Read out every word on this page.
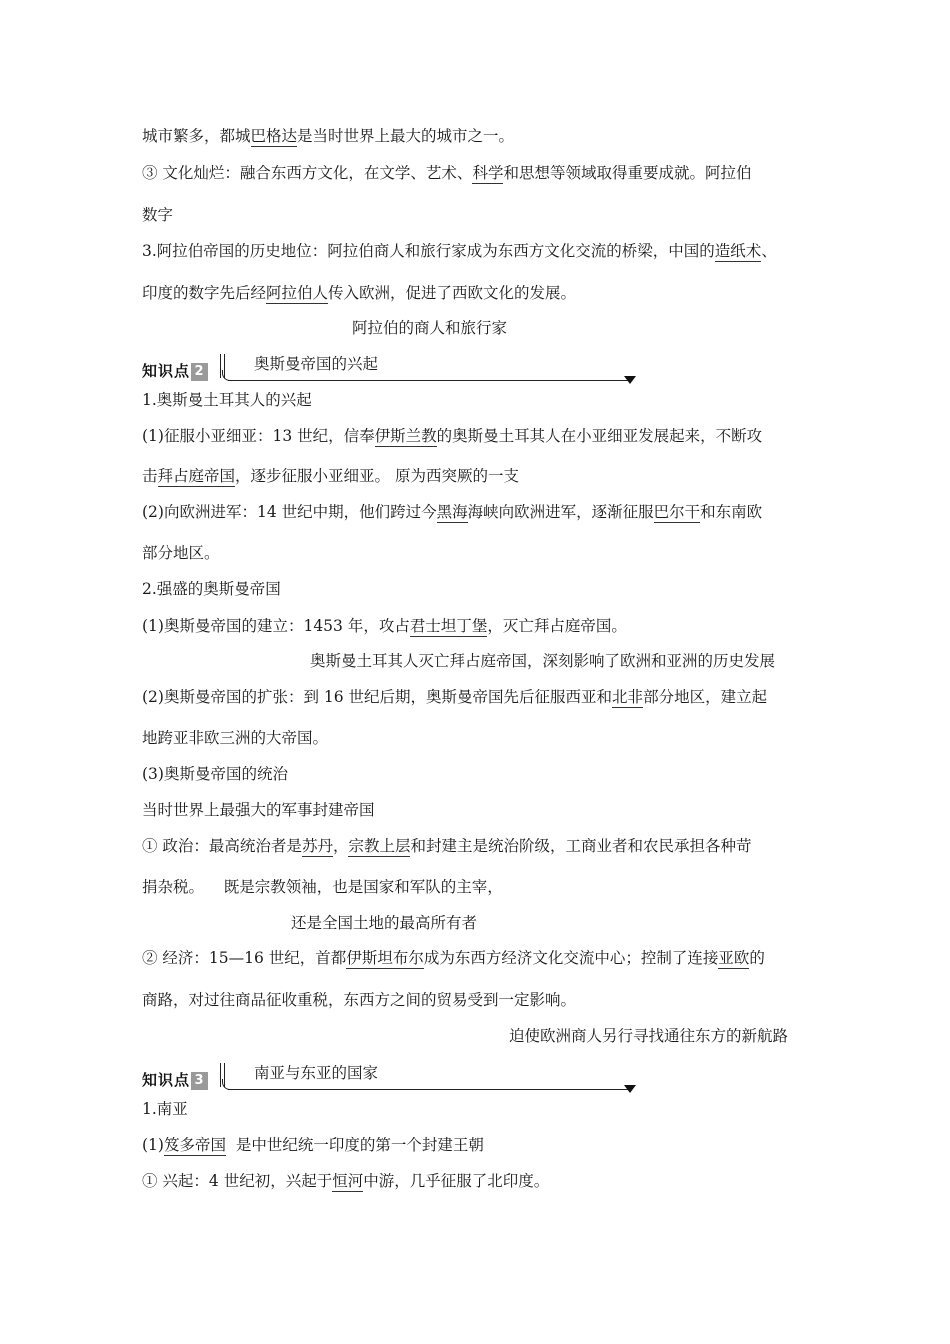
城市繁多，都城巴格达是当时世界上最大的城市之一。
③ 文化灿烂：融合东西方文化，在文学、艺术、科学和思想等领域取得重要成就。阿拉伯
数字
3.阿拉伯帝国的历史地位：阿拉伯商人和旅行家成为东西方文化交流的桥梁，中国的造纸术、
印度的数字先后经阿拉伯人传入欧洲，促进了西欧文化的发展。
阿拉伯的商人和旅行家
知识点 2	奥斯曼帝国的兴起
1.奥斯曼土耳其人的兴起
(1)征服小亚细亚：13 世纪，信奉伊斯兰教的奥斯曼土耳其人在小亚细亚发展起来，不断攻
击拜占庭帝国，逐步征服小亚细亚。 原为西突厥的一支
(2)向欧洲进军：14 世纪中期，他们跨过今黑海海峡向欧洲进军，逐渐征服巴尔干和东南欧
部分地区。
2.强盛的奥斯曼帝国
(1)奥斯曼帝国的建立：1453 年，攻占君士坦丁堡，灭亡拜占庭帝国。
奥斯曼土耳其人灭亡拜占庭帝国，深刻影响了欧洲和亚洲的历史发展
(2)奥斯曼帝国的扩张：到 16 世纪后期，奥斯曼帝国先后征服西亚和北非部分地区，建立起
地跨亚非欧三洲的大帝国。
(3)奥斯曼帝国的统治
当时世界上最强大的军事封建帝国
① 政治：最高统治者是苏丹，宗教上层和封建主是统治阶级，工商业者和农民承担各种苛
捐杂税。    既是宗教领袖，也是国家和军队的主宰，
还是全国土地的最高所有者
② 经济：15—16 世纪，首都伊斯坦布尔成为东西方经济文化交流中心；控制了连接亚欧的
商路，对过往商品征收重税，东西方之间的贸易受到一定影响。
迫使欧洲商人另行寻找通往东方的新航路
知识点 3	南亚与东亚的国家
1.南亚
(1)笈多帝国  是中世纪统一印度的第一个封建王朝
① 兴起：4 世纪初，兴起于恒河中游，几乎征服了北印度。
